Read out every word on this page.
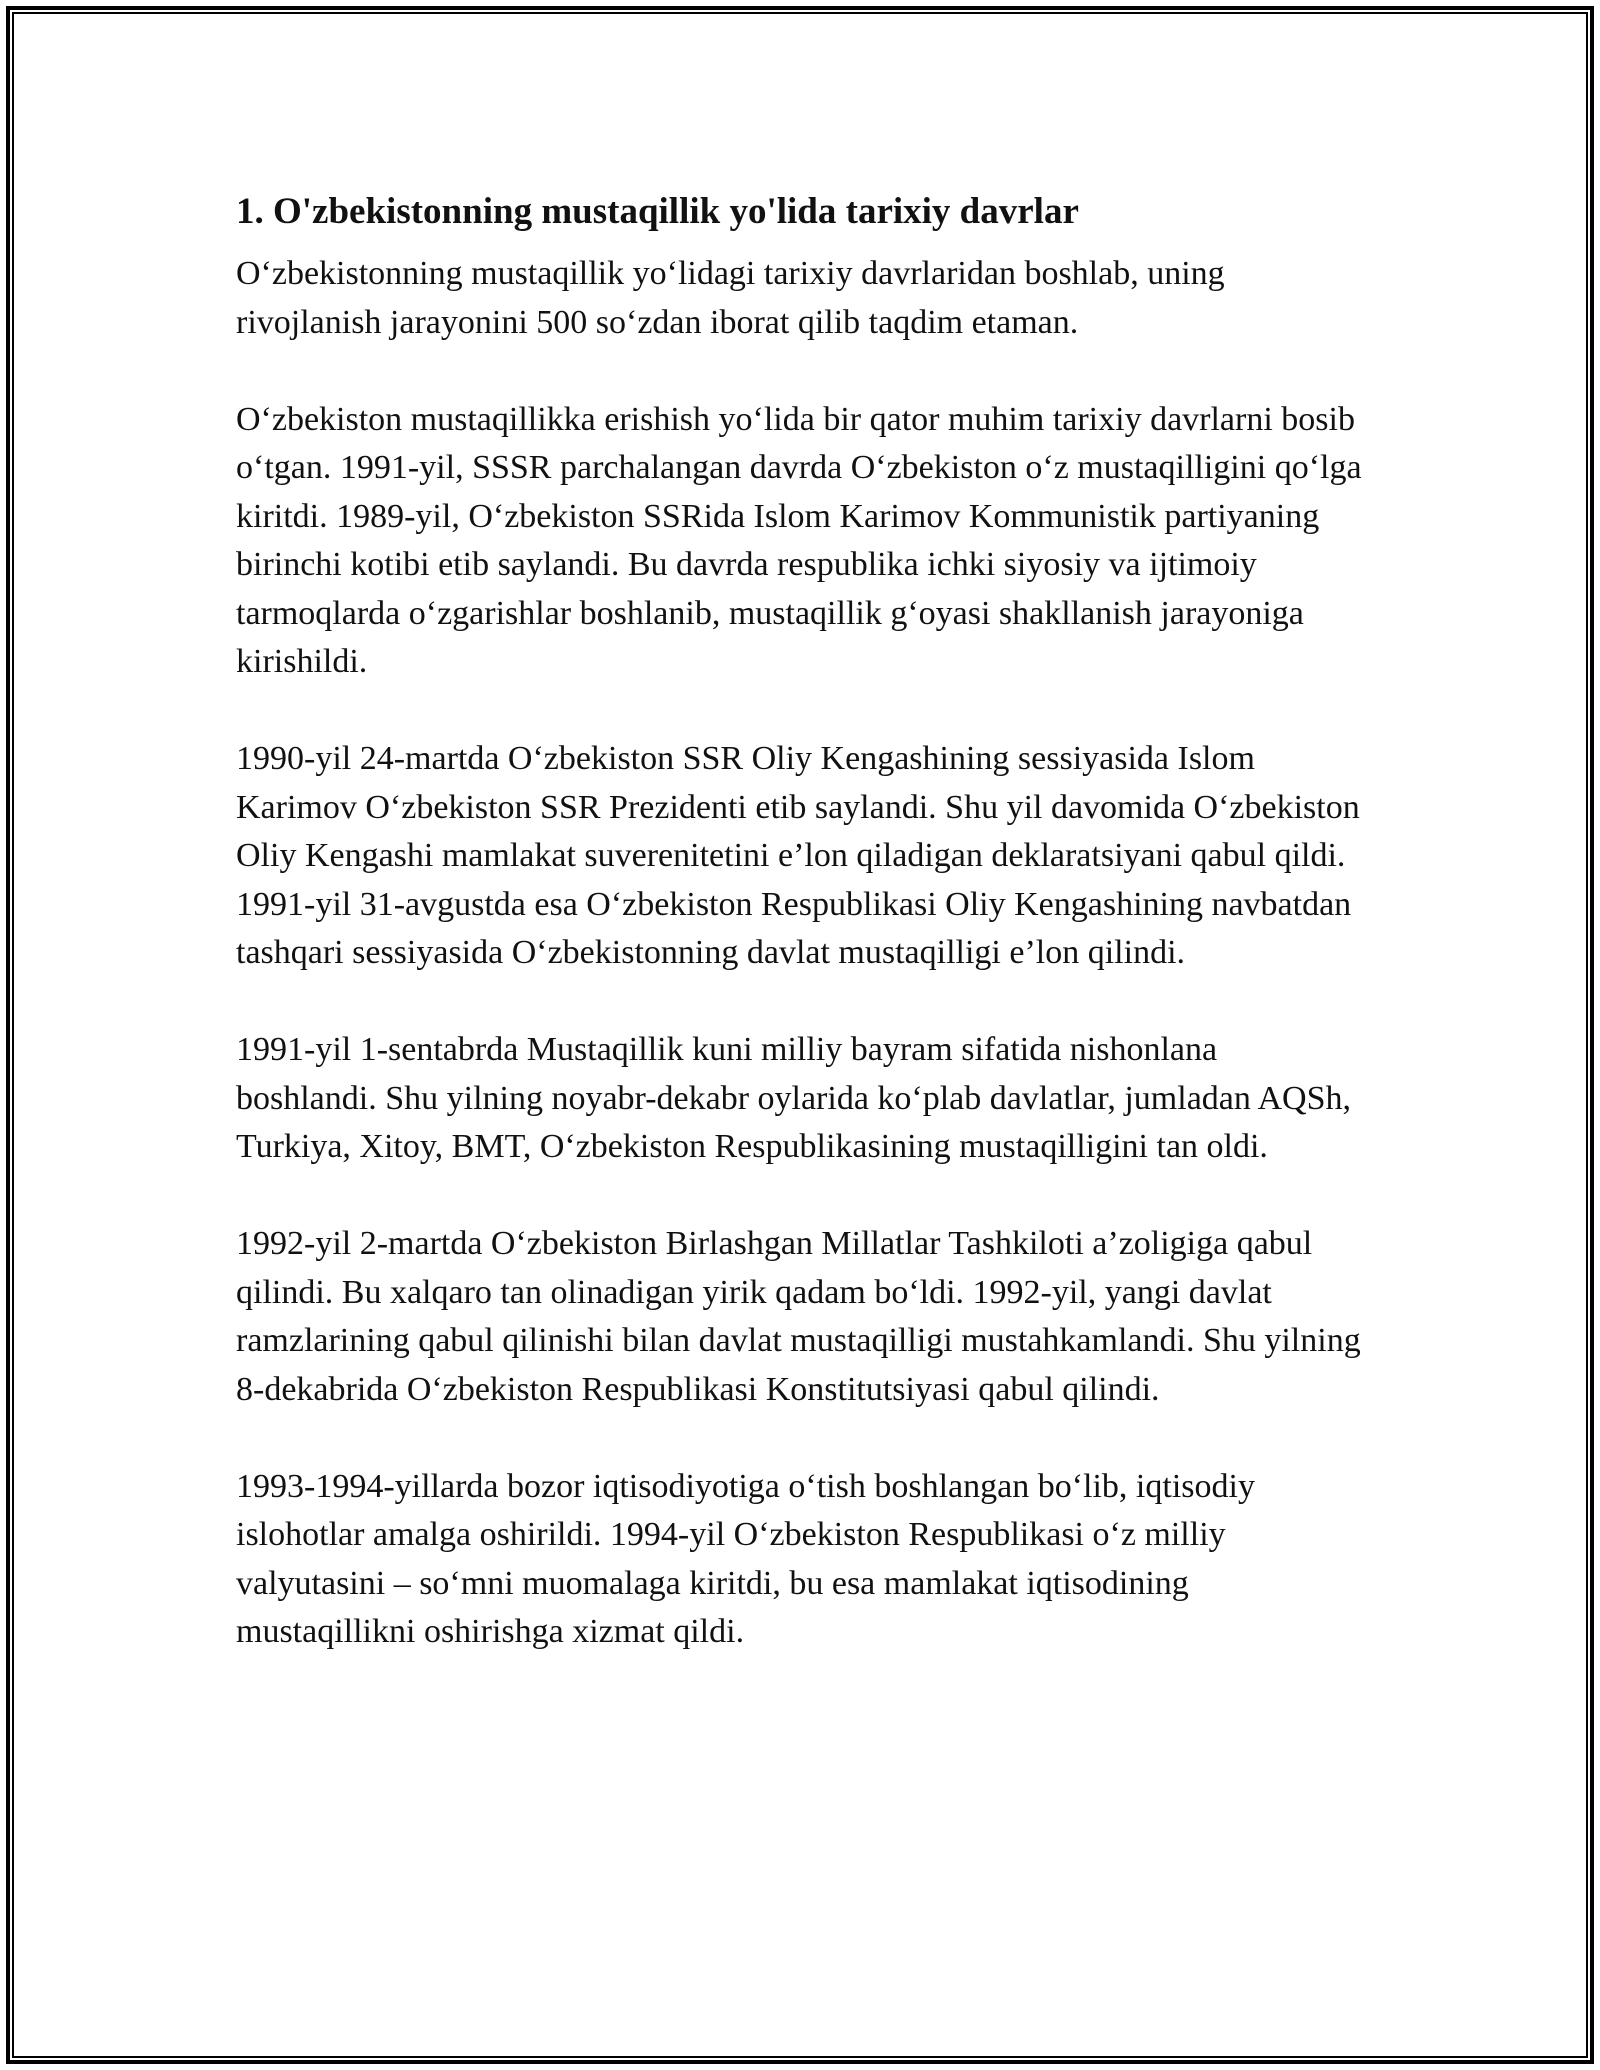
1. O'zbekistonning mustaqillik yo'lida tarixiy davrlar

O‘zbekistonning mustaqillik yo‘lidagi tarixiy davrlaridan boshlab, uning rivojlanish jarayonini 500 so‘zdan iborat qilib taqdim etaman.

O‘zbekiston mustaqillikka erishish yo‘lida bir qator muhim tarixiy davrlarni bosib o‘tgan. 1991-yil, SSSR parchalangan davrda O‘zbekiston o‘z mustaqilligini qo‘lga kiritdi. 1989-yil, O‘zbekiston SSRida Islom Karimov Kommunistik partiyaning birinchi kotibi etib saylandi. Bu davrda respublika ichki siyosiy va ijtimoiy tarmoqlarda o‘zgarishlar boshlanib, mustaqillik g‘oyasi shakllanish jarayoniga kirishildi.

1990-yil 24-martda O‘zbekiston SSR Oliy Kengashining sessiyasida Islom Karimov O‘zbekiston SSR Prezidenti etib saylandi. Shu yil davomida O‘zbekiston Oliy Kengashi mamlakat suverenitetini e’lon qiladigan deklaratsiyani qabul qildi. 1991-yil 31-avgustda esa O‘zbekiston Respublikasi Oliy Kengashining navbatdan tashqari sessiyasida O‘zbekistonning davlat mustaqilligi e’lon qilindi.

1991-yil 1-sentabrda Mustaqillik kuni milliy bayram sifatida nishonlana boshlandi. Shu yilning noyabr-dekabr oylarida ko‘plab davlatlar, jumladan AQSh, Turkiya, Xitoy, BMT, O‘zbekiston Respublikasining mustaqilligini tan oldi.

1992-yil 2-martda O‘zbekiston Birlashgan Millatlar Tashkiloti a’zoligiga qabul qilindi. Bu xalqaro tan olinadigan yirik qadam bo‘ldi. 1992-yil, yangi davlat ramzlarining qabul qilinishi bilan davlat mustaqilligi mustahkamlandi. Shu yilning 8-dekabrida O‘zbekiston Respublikasi Konstitutsiyasi qabul qilindi.

1993-1994-yillarda bozor iqtisodiyotiga o‘tish boshlangan bo‘lib, iqtisodiy islohotlar amalga oshirildi. 1994-yil O‘zbekiston Respublikasi o‘z milliy valyutasini – so‘mni muomalaga kiritdi, bu esa mamlakat iqtisodining mustaqillikni oshirishga xizmat qildi.
